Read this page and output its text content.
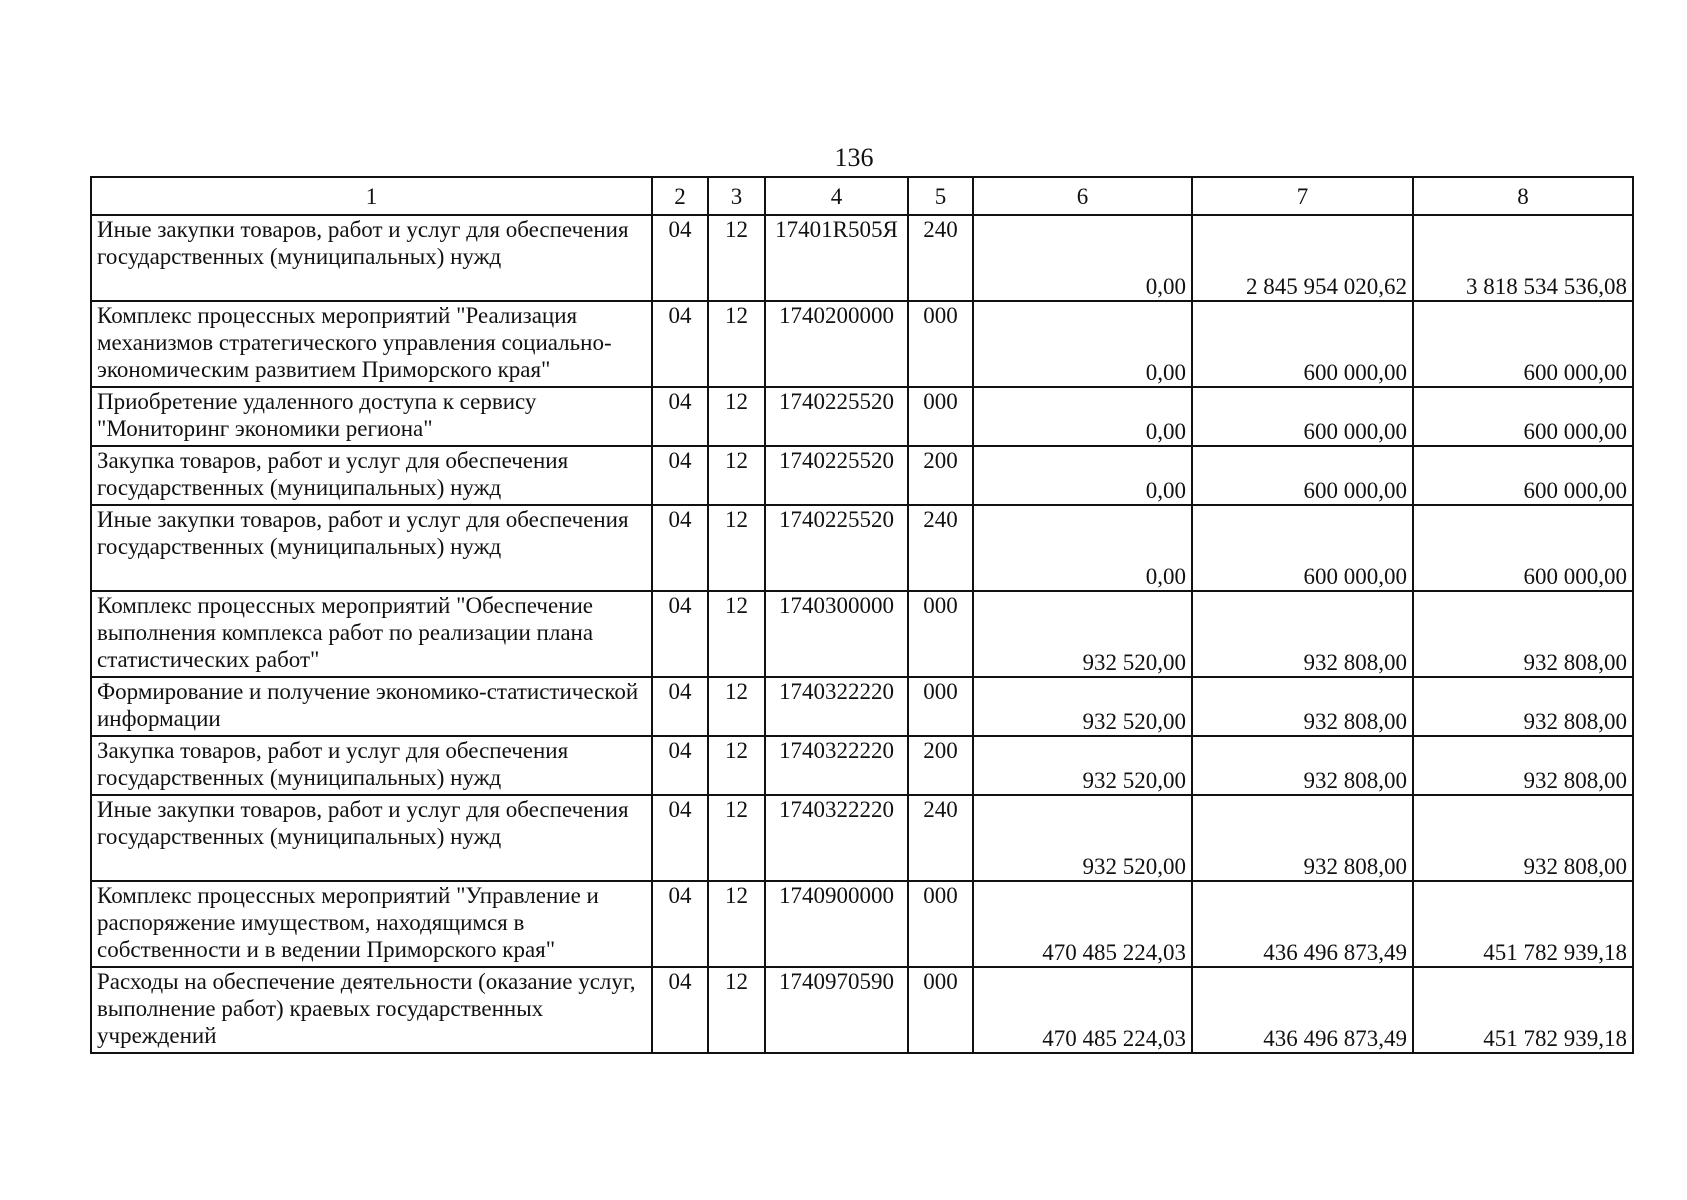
136
1	2	3	4	5	6	7	8
Иные закупки товаров, работ и услуг для обеспечения государственных (муниципальных) нужд	04	12	17401R505Я	240	0,00	2 845 954 020,62	3 818 534 536,08
Комплекс процессных мероприятий "Реализация механизмов стратегического управления социально-экономическим развитием Приморского края"	04	12	1740200000	000	0,00	600 000,00	600 000,00
Приобретение удаленного доступа к сервису "Мониторинг экономики региона"	04	12	1740225520	000	0,00	600 000,00	600 000,00
Закупка товаров, работ и услуг для обеспечения государственных (муниципальных) нужд	04	12	1740225520	200	0,00	600 000,00	600 000,00
Иные закупки товаров, работ и услуг для обеспечения государственных (муниципальных) нужд	04	12	1740225520	240	0,00	600 000,00	600 000,00
Комплекс процессных мероприятий "Обеспечение выполнения комплекса работ по реализации плана статистических работ"	04	12	1740300000	000	932 520,00	932 808,00	932 808,00
Формирование и получение экономико-статистической информации	04	12	1740322220	000	932 520,00	932 808,00	932 808,00
Закупка товаров, работ и услуг для обеспечения государственных (муниципальных) нужд	04	12	1740322220	200	932 520,00	932 808,00	932 808,00
Иные закупки товаров, работ и услуг для обеспечения государственных (муниципальных) нужд	04	12	1740322220	240	932 520,00	932 808,00	932 808,00
Комплекс процессных мероприятий "Управление и распоряжение имуществом, находящимся в собственности и в ведении Приморского края"	04	12	1740900000	000	470 485 224,03	436 496 873,49	451 782 939,18
Расходы на обеспечение деятельности (оказание услуг, выполнение работ) краевых государственных учреждений	04	12	1740970590	000	470 485 224,03	436 496 873,49	451 782 939,18
